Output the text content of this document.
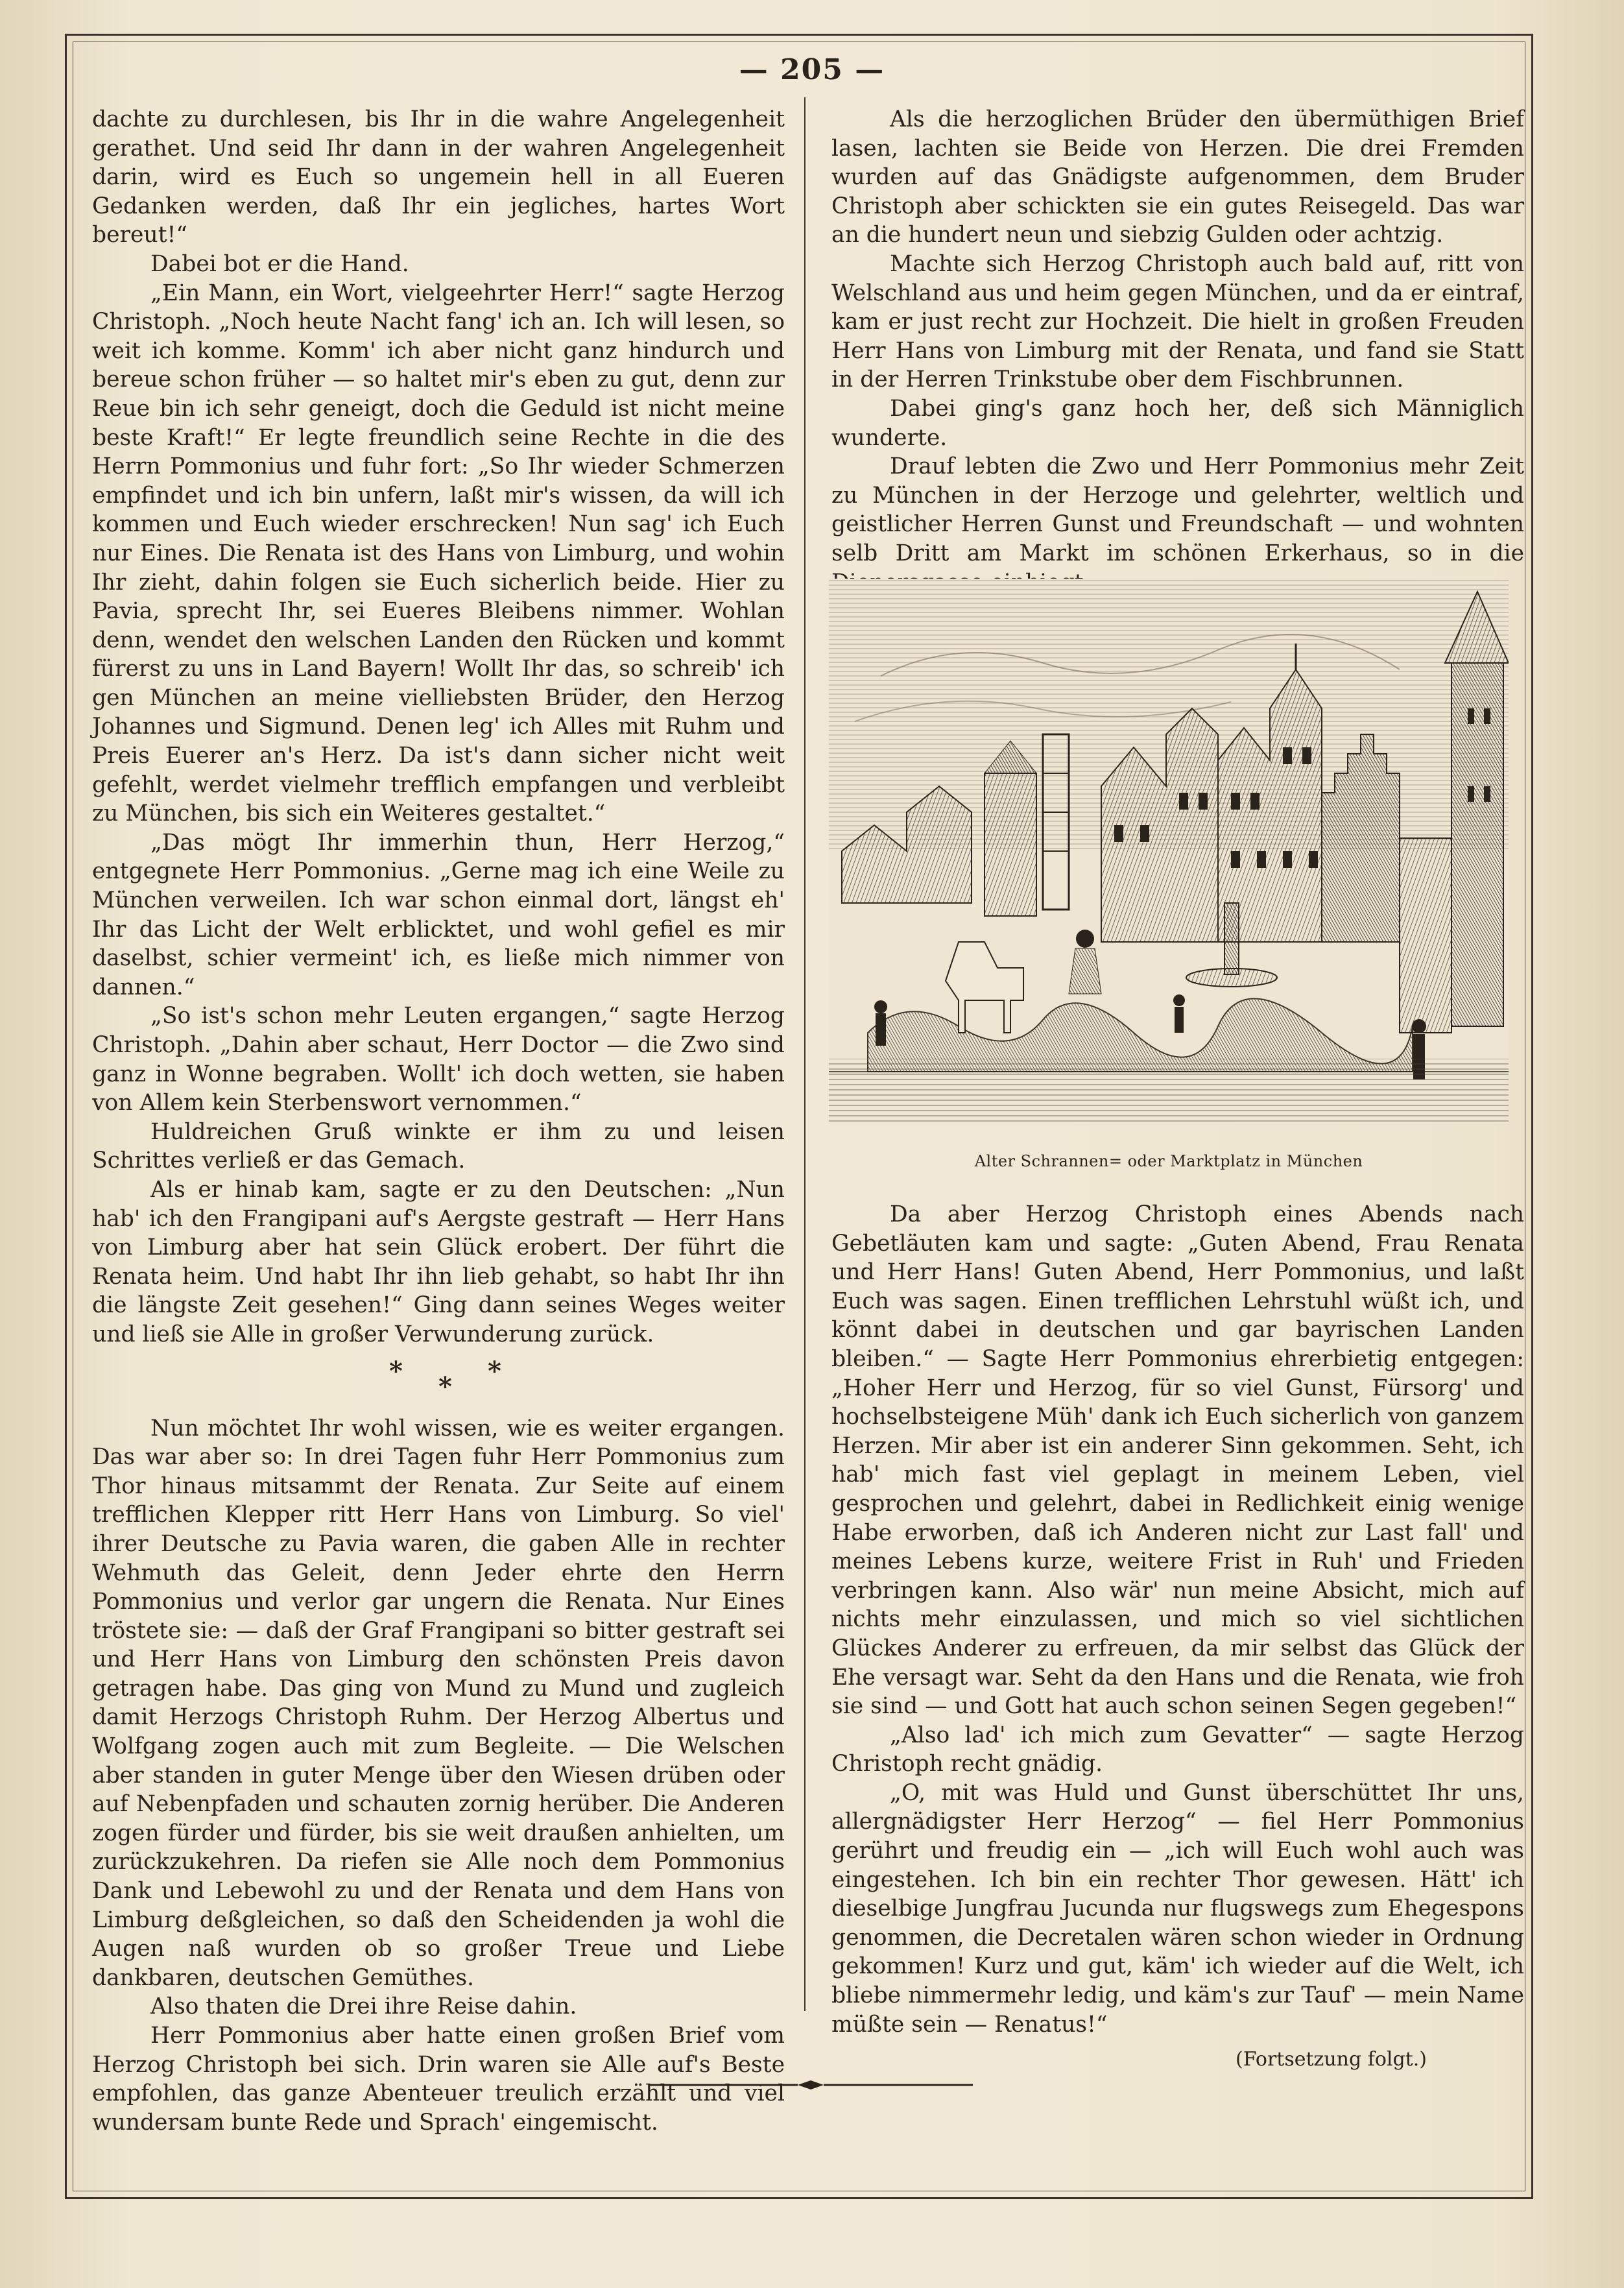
— 205 —

dachte zu durchlesen, bis Ihr in die wahre Angelegenheit gerathet. Und seid Ihr dann in der wahren Angelegenheit darin, wird es Euch so ungemein hell in all Eueren Gedanken werden, daß Ihr ein jegliches, hartes Wort bereut!“

Dabei bot er die Hand.

„Ein Mann, ein Wort, vielgeehrter Herr!“ sagte Herzog Christoph. „Noch heute Nacht fang' ich an. Ich will lesen, so weit ich komme. Komm' ich aber nicht ganz hindurch und bereue schon früher — so haltet mir's eben zu gut, denn zur Reue bin ich sehr geneigt, doch die Geduld ist nicht meine beste Kraft!“ Er legte freundlich seine Rechte in die des Herrn Pommonius und fuhr fort: „So Ihr wieder Schmerzen empfindet und ich bin unfern, laßt mir's wissen, da will ich kommen und Euch wieder erschrecken! Nun sag' ich Euch nur Eines. Die Renata ist des Hans von Limburg, und wohin Ihr zieht, dahin folgen sie Euch sicherlich beide. Hier zu Pavia, sprecht Ihr, sei Eueres Bleibens nimmer. Wohlan denn, wendet den welschen Landen den Rücken und kommt fürerst zu uns in Land Bayern! Wollt Ihr das, so schreib' ich gen München an meine vielliebsten Brüder, den Herzog Johannes und Sigmund. Denen leg' ich Alles mit Ruhm und Preis Euerer an's Herz. Da ist's dann sicher nicht weit gefehlt, werdet vielmehr trefflich empfangen und verbleibt zu München, bis sich ein Weiteres gestaltet.“

„Das mögt Ihr immerhin thun, Herr Herzog,“ entgegnete Herr Pommonius. „Gerne mag ich eine Weile zu München verweilen. Ich war schon einmal dort, längst eh' Ihr das Licht der Welt erblicktet, und wohl gefiel es mir daselbst, schier vermeint' ich, es ließe mich nimmer von dannen.“

„So ist's schon mehr Leuten ergangen,“ sagte Herzog Christoph. „Dahin aber schaut, Herr Doctor — die Zwo sind ganz in Wonne begraben. Wollt' ich doch wetten, sie haben von Allem kein Sterbenswort vernommen.“

Huldreichen Gruß winkte er ihm zu und leisen Schrittes verließ er das Gemach.

Als er hinab kam, sagte er zu den Deutschen: „Nun hab' ich den Frangipani auf's Aergste gestraft — Herr Hans von Limburg aber hat sein Glück erobert. Der führt die Renata heim. Und habt Ihr ihn lieb gehabt, so habt Ihr ihn die längste Zeit gesehen!“ Ging dann seines Weges weiter und ließ sie Alle in großer Verwunderung zurück.

*
*
*

Nun möchtet Ihr wohl wissen, wie es weiter ergangen. Das war aber so: In drei Tagen fuhr Herr Pommonius zum Thor hinaus mitsammt der Renata. Zur Seite auf einem trefflichen Klepper ritt Herr Hans von Limburg. So viel' ihrer Deutsche zu Pavia waren, die gaben Alle in rechter Wehmuth das Geleit, denn Jeder ehrte den Herrn Pommonius und verlor gar ungern die Renata. Nur Eines tröstete sie: — daß der Graf Frangipani so bitter gestraft sei und Herr Hans von Limburg den schönsten Preis davon getragen habe. Das ging von Mund zu Mund und zugleich damit Herzogs Christoph Ruhm. Der Herzog Albertus und Wolfgang zogen auch mit zum Begleite. — Die Welschen aber standen in guter Menge über den Wiesen drüben oder auf Nebenpfaden und schauten zornig herüber. Die Anderen zogen fürder und fürder, bis sie weit draußen anhielten, um zurückzukehren. Da riefen sie Alle noch dem Pommonius Dank und Lebewohl zu und der Renata und dem Hans von Limburg deßgleichen, so daß den Scheidenden ja wohl die Augen naß wurden ob so großer Treue und Liebe dankbaren, deutschen Gemüthes.

Also thaten die Drei ihre Reise dahin.

Herr Pommonius aber hatte einen großen Brief vom Herzog Christoph bei sich. Drin waren sie Alle auf's Beste empfohlen, das ganze Abenteuer treulich erzählt und viel wundersam bunte Rede und Sprach' eingemischt.

Als die herzoglichen Brüder den übermüthigen Brief lasen, lachten sie Beide von Herzen. Die drei Fremden wurden auf das Gnädigste aufgenommen, dem Bruder Christoph aber schickten sie ein gutes Reisegeld. Das war an die hundert neun und siebzig Gulden oder achtzig.

Machte sich Herzog Christoph auch bald auf, ritt von Welschland aus und heim gegen München, und da er eintraf, kam er just recht zur Hochzeit. Die hielt in großen Freuden Herr Hans von Limburg mit der Renata, und fand sie Statt in der Herren Trinkstube ober dem Fischbrunnen.

Dabei ging's ganz hoch her, deß sich Männiglich wunderte.

Drauf lebten die Zwo und Herr Pommonius mehr Zeit zu München in der Herzoge und gelehrter, weltlich und geistlicher Herren Gunst und Freundschaft — und wohnten selb Dritt am Markt im schönen Erkerhaus, so in die

Alter Schrannen= oder Marktplatz in München

Da aber Herzog Christoph eines Abends nach Gebetläuten kam und sagte: „Guten Abend, Frau Renata und Herr Hans! Guten Abend, Herr Pommonius, und laßt Euch was sagen. Einen trefflichen Lehrstuhl wüßt ich, und könnt dabei in deutschen und gar bayrischen Landen bleiben.“ — Sagte Herr Pommonius ehrerbietig entgegen: „Hoher Herr und Herzog, für so viel Gunst, Fürsorg' und hochselbsteigene Müh' dank ich Euch sicherlich von ganzem Herzen. Mir aber ist ein anderer Sinn gekommen. Seht, ich hab' mich fast viel geplagt in meinem Leben, viel gesprochen und gelehrt, dabei in Redlichkeit einig wenige Habe erworben, daß ich Anderen nicht zur Last fall' und meines Lebens kurze, weitere Frist in Ruh' und Frieden verbringen kann. Also wär' nun meine Absicht, mich auf nichts mehr einzulassen, und mich so viel sichtlichen Glückes Anderer zu erfreuen, da mir selbst das Glück der Ehe versagt war. Seht da den Hans und die Renata, wie froh sie sind — und Gott hat auch schon seinen Segen gegeben!“

„Also lad' ich mich zum Gevatter“ — sagte Herzog Christoph recht gnädig.

„O, mit was Huld und Gunst überschüttet Ihr uns, allergnädigster Herr Herzog“ — fiel Herr Pommonius gerührt und freudig ein — „ich will Euch wohl auch was eingestehen. Ich bin ein rechter Thor gewesen. Hätt' ich dieselbige Jungfrau Jucunda nur flugswegs zum Ehegespons genommen, die Decretalen wären schon wieder in Ordnung gekommen! Kurz und gut, käm' ich wieder auf die Welt, ich bliebe nimmermehr ledig, und käm's zur Tauf' — mein Name müßte sein — Renatus!“

(Fortsetzung folgt.)
